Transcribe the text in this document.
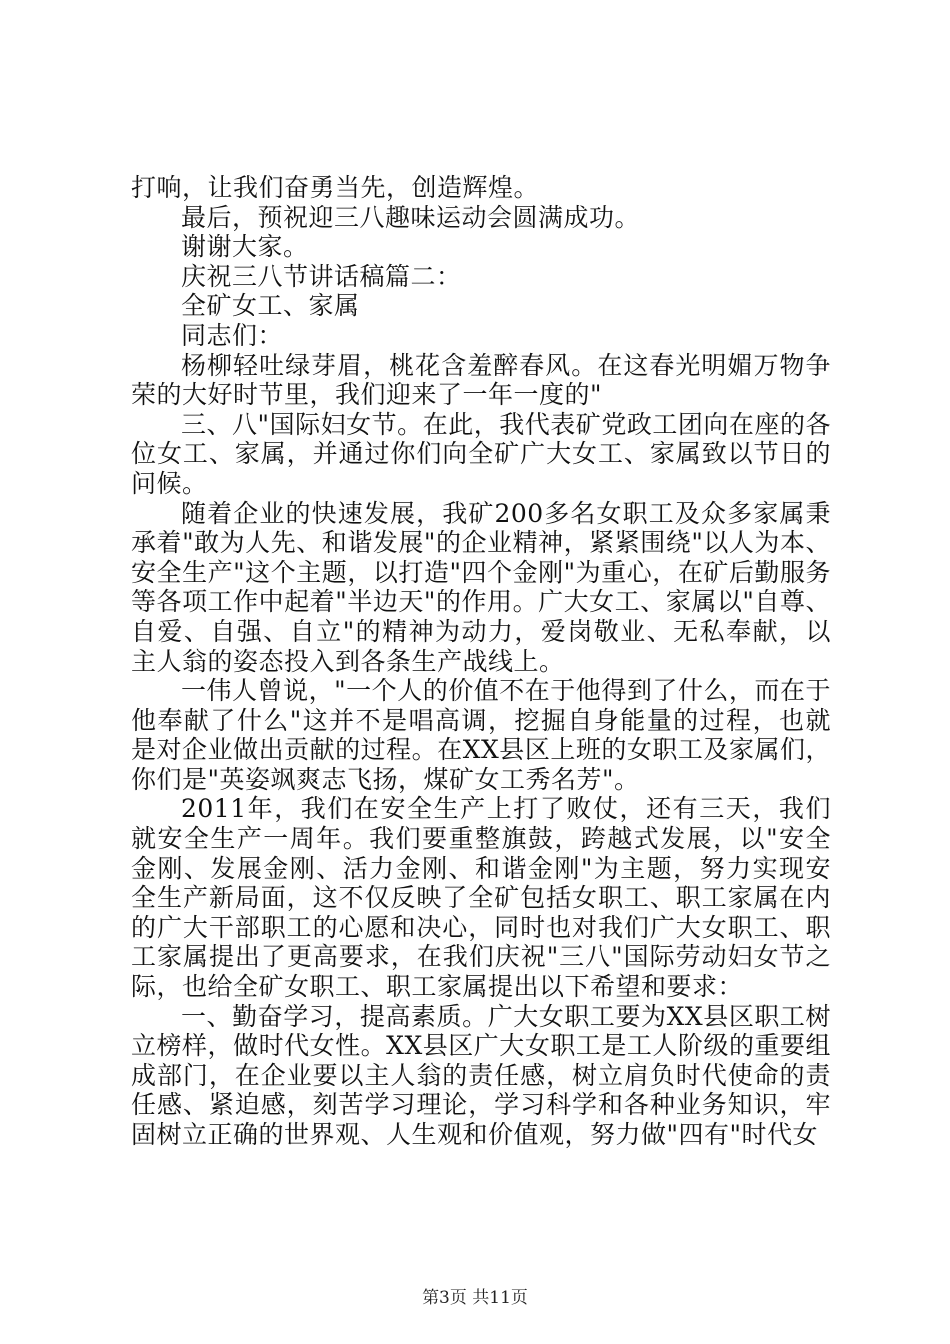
打响，让我们奋勇当先，创造辉煌。

最后，预祝迎三八趣味运动会圆满成功。

谢谢大家。

庆祝三八节讲话稿篇二：

全矿女工、家属

同志们：

杨柳轻吐绿芽眉，桃花含羞醉春风。在这春光明媚万物争荣的大好时节里，我们迎来了一年一度的"

三、八"国际妇女节。在此，我代表矿党政工团向在座的各位女工、家属，并通过你们向全矿广大女工、家属致以节日的问候。

随着企业的快速发展，我矿200多名女职工及众多家属秉承着"敢为人先、和谐发展"的企业精神，紧紧围绕"以人为本、安全生产"这个主题，以打造"四个金刚"为重心，在矿后勤服务等各项工作中起着"半边天"的作用。广大女工、家属以"自尊、自爱、自强、自立"的精神为动力，爱岗敬业、无私奉献，以主人翁的姿态投入到各条生产战线上。

一伟人曾说，"一个人的价值不在于他得到了什么，而在于他奉献了什么"这并不是唱高调，挖掘自身能量的过程，也就是对企业做出贡献的过程。在XX县区上班的女职工及家属们，你们是"英姿飒爽志飞扬，煤矿女工秀名芳"。

2011年，我们在安全生产上打了败仗，还有三天，我们就安全生产一周年。我们要重整旗鼓，跨越式发展，以"安全金刚、发展金刚、活力金刚、和谐金刚"为主题，努力实现安全生产新局面，这不仅反映了全矿包括女职工、职工家属在内的广大干部职工的心愿和决心，同时也对我们广大女职工、职工家属提出了更高要求，在我们庆祝"三八"国际劳动妇女节之际，也给全矿女职工、职工家属提出以下希望和要求：

一、勤奋学习，提高素质。广大女职工要为XX县区职工树立榜样，做时代女性。XX县区广大女职工是工人阶级的重要组成部门，在企业要以主人翁的责任感，树立肩负时代使命的责任感、紧迫感，刻苦学习理论，学习科学和各种业务知识，牢固树立正确的世界观、人生观和价值观，努力做"四有"时代女

第3页 共11页
